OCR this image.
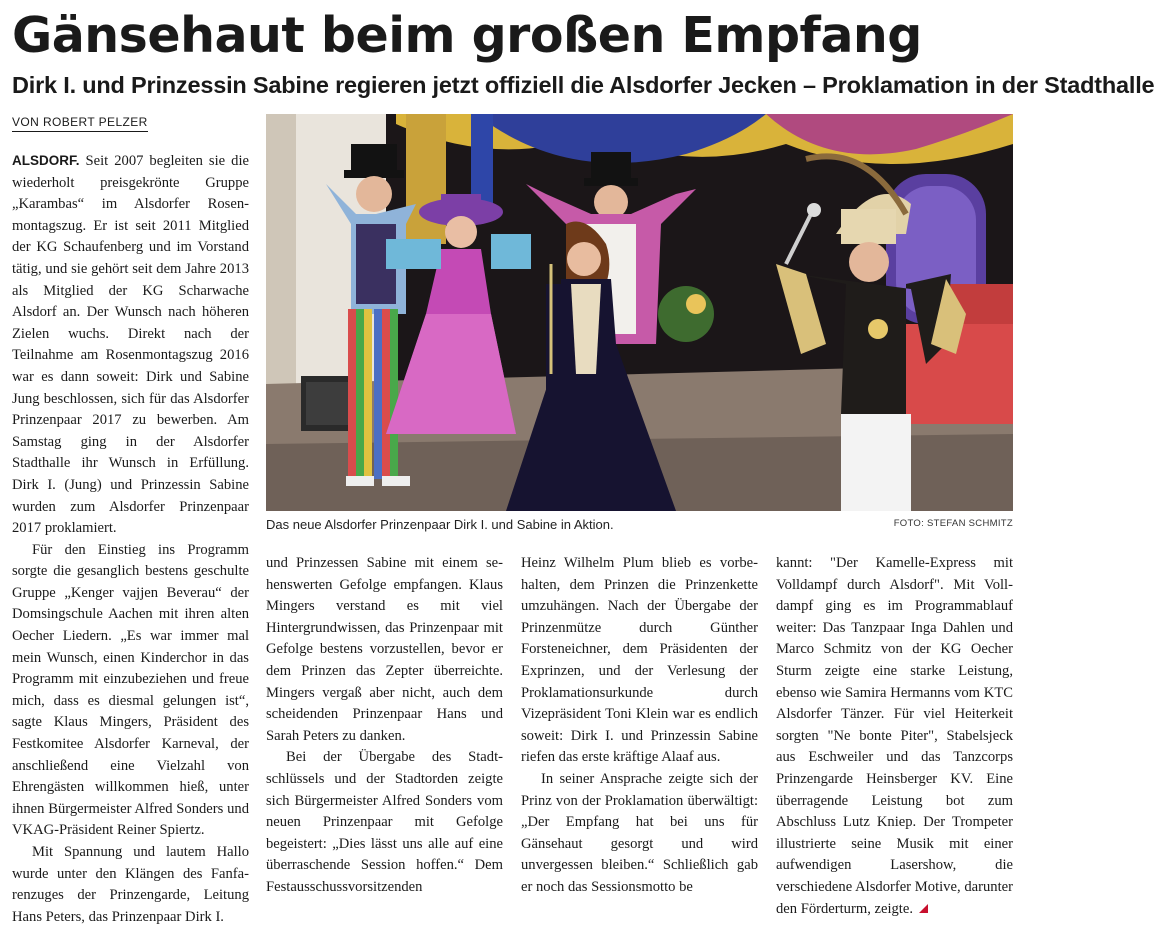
Gänsehaut beim großen Empfang
Dirk I. und Prinzessin Sabine regieren jetzt offiziell die Alsdorfer Jecken – Proklamation in der Stadthalle
VON ROBERT PELZER
Das neue Alsdorfer Prinzenpaar Dirk I. und Sabine in Aktion.	FOTO: STEFAN SCHMITZ

ALSDORF. Seit 2007 begleiten sie die wiederholt preisgekrönte Gruppe „Karambas“ im Alsdorfer Rosenmontagszug. Er ist seit 2011 Mitglied der KG Schaufenberg und im Vorstand tätig, und sie gehört seit dem Jahre 2013 als Mitglied der KG Scharwache Alsdorf an. Der Wunsch nach höheren Zielen wuchs. Direkt nach der Teilnahme am Rosenmontagszug 2016 war es dann soweit: Dirk und Sabine Jung beschlossen, sich für das Alsdorfer Prinzenpaar 2017 zu bewerben. Am Samstag ging in der Alsdorfer Stadthalle ihr Wunsch in Erfüllung. Dirk I. (Jung) und Prinzessin Sabine wurden zum Alsdorfer Prinzenpaar 2017 proklamiert.

Für den Einstieg ins Programm sorgte die gesanglich bestens geschulte Gruppe „Kenger vajjen Beverau“ der Domsingschule Aachen mit ihren alten Oecher Liedern. „Es war immer mal mein Wunsch, einen Kinderchor in das Programm mit einzubeziehen und freue mich, dass es diesmal gelungen ist“, sagte Klaus Mingers, Präsident des Festkomitee Alsdorfer Karneval, der anschließend eine Vielzahl von Ehrengästen willkommen hieß, unter ihnen Bürgermeister Alfred Sonders und VKAG-Präsident Reiner Spiertz.

Mit Spannung und lautem Hallo wurde unter den Klängen des Fanfarenzuges der Prinzengarde, Leitung Hans Peters, das Prinzenpaar Dirk I.

und Prinzessen Sabine mit einem sehenswerten Gefolge empfangen. Klaus Mingers verstand es mit viel Hintergrundwissen, das Prinzenpaar mit Gefolge bestens vorzustellen, bevor er dem Prinzen das Zepter überreichte. Mingers vergaß aber nicht, auch dem scheidenden Prinzenpaar Hans und Sarah Peters zu danken.

Bei der Übergabe des Stadtschlüssels und der Stadtorden zeigte sich Bürgermeister Alfred Sonders vom neuen Prinzenpaar mit Gefolge begeistert: „Dies lässt uns alle auf eine überraschende Session hoffen.“ Dem Festausschussvorsitzenden

Heinz Wilhelm Plum blieb es vorbehalten, dem Prinzen die Prinzenkette umzuhängen. Nach der Übergabe der Prinzenmütze durch Günther Forsteneichner, dem Präsidenten der Exprinzen, und der Verlesung der Proklamationsurkunde durch Vizepräsident Toni Klein war es endlich soweit: Dirk I. und Prinzessin Sabine riefen das erste kräftige Alaaf aus.

In seiner Ansprache zeigte sich der Prinz von der Proklamation überwältigt: „Der Empfang hat bei uns für Gänsehaut gesorgt und wird unvergessen bleiben.“ Schließlich gab er noch das Sessionsmotto be

kannt: "Der Kamelle-Express mit Volldampf durch Alsdorf". Mit Volldampf ging es im Programmablauf weiter: Das Tanzpaar Inga Dahlen und Marco Schmitz von der KG Oecher Sturm zeigte eine starke Leistung, ebenso wie Samira Hermanns vom KTC Alsdorfer Tänzer. Für viel Heiterkeit sorgten "Ne bonte Piter", Stabelsjeck aus Eschweiler und das Tanzcorps Prinzengarde Heinsberger KV. Eine überragende Leistung bot zum Abschluss Lutz Kniep. Der Trompeter illustrierte seine Musik mit einer aufwendigen Lasershow, die verschiedene Alsdorfer Motive, darunter den Förderturm, zeigte.
